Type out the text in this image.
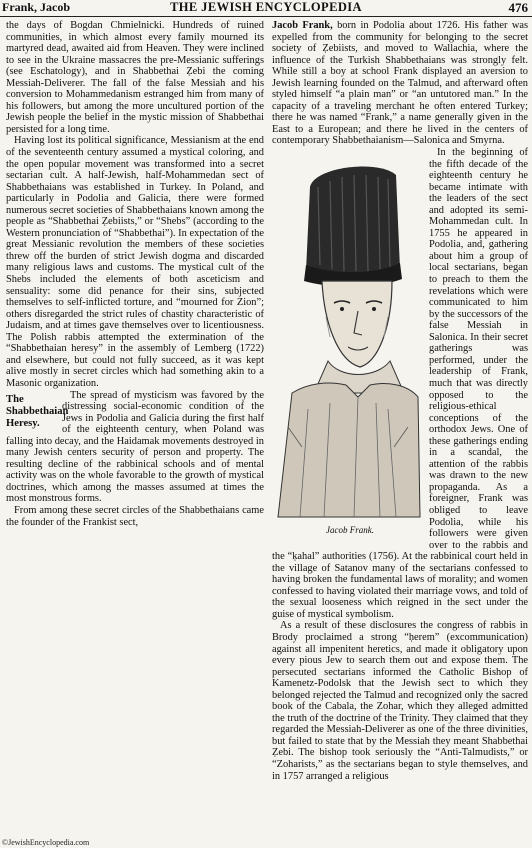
Frank, Jacob	THE JEWISH ENCYCLOPEDIA	476

the days of Bogdan Chmielnicki. Hundreds of ruined communities, in which almost every family mourned its martyred dead, awaited aid from Heaven. They were inclined to see in the Ukraine massacres the pre-Messianic sufferings (see Eschatology), and in Shabbethai Ẓebi the coming Messiah-Deliverer. The fall of the false Messiah and his conversion to Mohammedanism estranged him from many of his followers, but among the more uncultured portion of the Jewish people the belief in the mystic mission of Shabbethai persisted for a long time.

Having lost its political significance, Messianism at the end of the seventeenth century assumed a mystical coloring, and the open popular movement was transformed into a secret sectarian cult. A half-Jewish, half-Mohammedan sect of Shabbethaians was established in Turkey. In Poland, and particularly in Podolia and Galicia, there were formed numerous secret societies of Shabbethaians known among the people as “Shabbethai Ẓebiists,” or “Shebs” (according to the Western pronunciation of “Shabbethai”). In expectation of the great Messianic revolution the members of these societies threw off the burden of strict Jewish dogma and discarded many religious laws and customs. The mystical cult of the Shebs included the elements of both asceticism and sensuality: some did penance for their sins, subjected themselves to self-inflicted torture, and “mourned for Zion”; others disregarded the strict rules of chastity characteristic of Judaism, and at times gave themselves over to licentiousness. The Polish rabbis attempted the extermination of the “Shabbethaian heresy” in the assembly of Lemberg (1722) and elsewhere, but could not fully succeed, as it was kept alive mostly in secret circles which had something akin to a Masonic organization.

The Shabbethaian Heresy.

The spread of mysticism was favored by the distressing social-economic condition of the Jews in Podolia and Galicia during the first half of the eighteenth century, when Poland was falling into decay, and the Haidamak movements destroyed in many Jewish centers security of person and property. The resulting decline of the rabbinical schools and of mental activity was on the whole favorable to the growth of mystical doctrines, which among the masses assumed at times the most monstrous forms.

From among these secret circles of the Shabbethaians came the founder of the Frankist sect,

Jacob Frank, born in Podolia about 1726. His father was expelled from the community for belonging to the secret society of Ẓebiists, and moved to Wallachia, where the influence of the Turkish Shabbethaians was strongly felt. While still a boy at school Frank displayed an aversion to Jewish learning founded on the Talmud, and afterward often styled himself “a plain man” or “an untutored man.” In the capacity of a traveling merchant he often entered Turkey; there he was named “Frank,” a name generally given in the East to a European; and there he lived in the centers of contemporary Shabbethaianism—Salonica and Smyrna.

Jacob Frank.
In the beginning of the fifth decade of the eighteenth century he became intimate with the leaders of the sect and adopted its semi-Mohammedan cult. In 1755 he appeared in Podolia, and, gathering about him a group of local sectarians, began to preach to them the revelations which were communicated to him by the successors of the false Messiah in Salonica. In their secret gatherings was performed, under the leadership of Frank, much that was directly opposed to the religious-ethical conceptions of the orthodox Jews. One of these gatherings ending in a scandal, the attention of the rabbis was drawn to the new propaganda. As a foreigner, Frank was obliged to leave Podolia, while his followers were given over to the rabbis and the “ḳahal” authorities (1756). At the rabbinical court held in the village of Satanov many of the sectarians confessed to having broken the fundamental laws of morality; and women confessed to having violated their marriage vows, and told of the sexual looseness which reigned in the sect under the guise of mystical symbolism.

As a result of these disclosures the congress of rabbis in Brody proclaimed a strong “ḥerem” (excommunication) against all impenitent heretics, and made it obligatory upon every pious Jew to search them out and expose them. The persecuted sectarians informed the Catholic Bishop of Kamenetz-Podolsk that the Jewish sect to which they belonged rejected the Talmud and recognized only the sacred book of the Cabala, the Zohar, which they alleged admitted the truth of the doctrine of the Trinity. They claimed that they regarded the Messiah-Deliverer as one of the three divinities, but failed to state that by the Messiah they meant Shabbethai Ẓebi. The bishop took seriously the “Anti-Talmudists,” or “Zoharists,” as the sectarians began to style themselves, and in 1757 arranged a religious

©JewishEncyclopedia.com
